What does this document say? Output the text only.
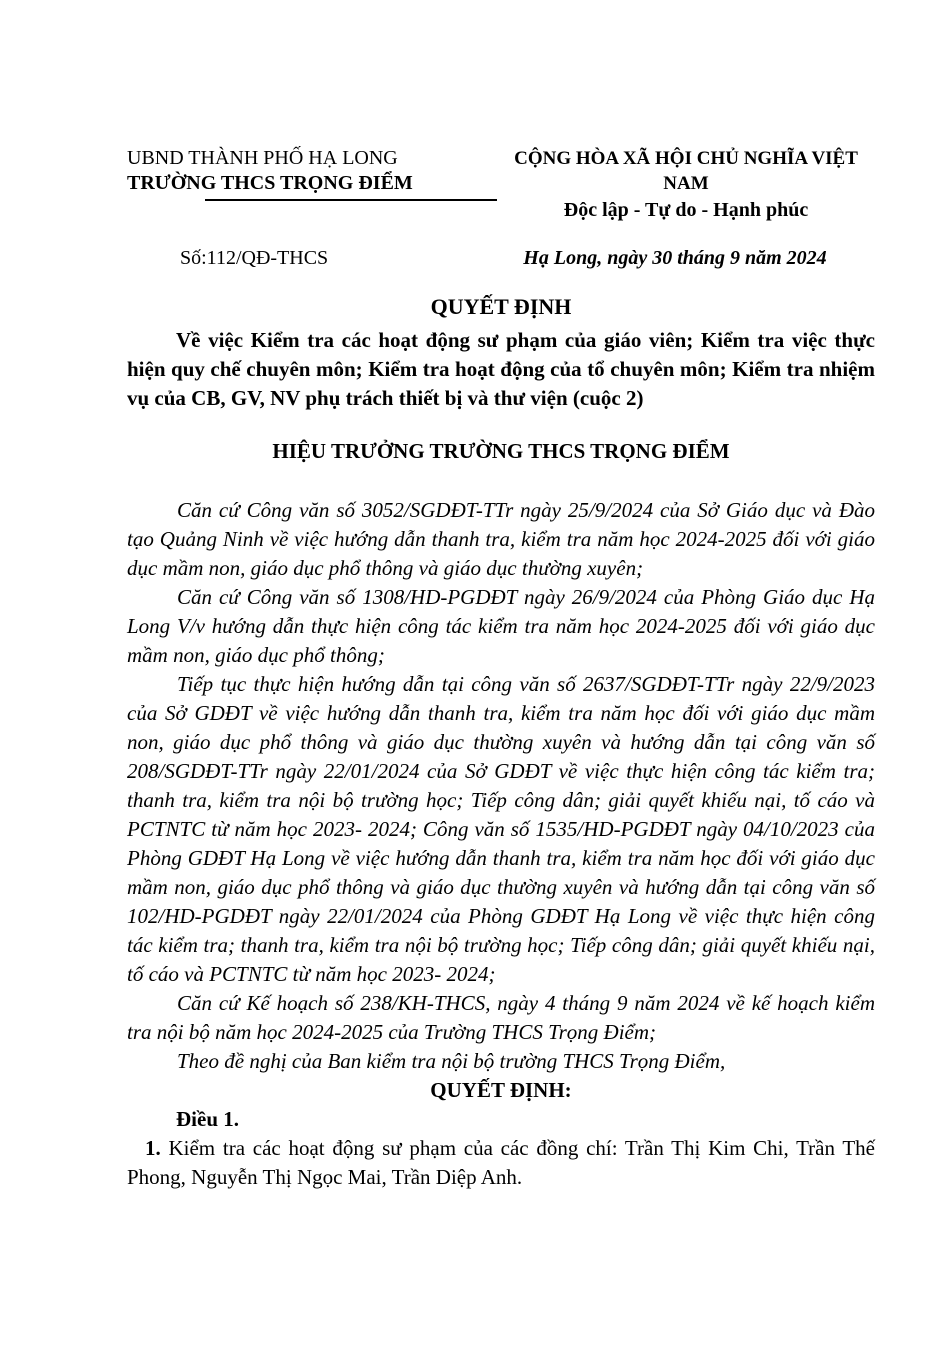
UBND THÀNH PHỐ HẠ LONG
TRƯỜNG THCS TRỌNG ĐIỂM
CỘNG HÒA XÃ HỘI CHỦ NGHĨA VIỆT NAM
Độc lập - Tự do - Hạnh phúc
Số:112/QĐ-THCS	Hạ Long, ngày 30 tháng 9 năm 2024
QUYẾT ĐỊNH

Về việc Kiểm tra các hoạt động sư phạm của giáo viên; Kiểm tra việc thực hiện quy chế chuyên môn; Kiểm tra hoạt động của tổ chuyên môn; Kiểm tra nhiệm vụ của CB, GV, NV phụ trách thiết bị và thư viện (cuộc 2)

HIỆU TRƯỞNG TRƯỜNG THCS TRỌNG ĐIỂM

Căn cứ Công văn số 3052/SGDĐT-TTr ngày 25/9/2024 của Sở Giáo dục và Đào tạo Quảng Ninh về việc hướng dẫn thanh tra, kiểm tra năm học 2024-2025 đối với giáo dục mầm non, giáo dục phổ thông và giáo dục thường xuyên;

Căn cứ Công văn số 1308/HD-PGDĐT ngày 26/9/2024 của Phòng Giáo dục Hạ Long V/v hướng dẫn thực hiện công tác kiểm tra năm học 2024-2025 đối với giáo dục mầm non, giáo dục phổ thông;

Tiếp tục thực hiện hướng dẫn tại công văn số 2637/SGDĐT-TTr ngày 22/9/2023 của Sở GDĐT về việc hướng dẫn thanh tra, kiểm tra năm học đối với giáo dục mầm non, giáo dục phổ thông và giáo dục thường xuyên và hướng dẫn tại công văn số 208/SGDĐT-TTr ngày 22/01/2024 của Sở GDĐT về việc thực hiện công tác kiểm tra; thanh tra, kiểm tra nội bộ trường học; Tiếp công dân; giải quyết khiếu nại, tố cáo và PCTNTC từ năm học 2023- 2024; Công văn số 1535/HD-PGDĐT ngày 04/10/2023 của Phòng GDĐT Hạ Long về việc hướng dẫn thanh tra, kiểm tra năm học đối với giáo dục mầm non, giáo dục phổ thông và giáo dục thường xuyên và hướng dẫn tại công văn số 102/HD-PGDĐT ngày 22/01/2024 của Phòng GDĐT Hạ Long về việc thực hiện công tác kiểm tra; thanh tra, kiểm tra nội bộ trường học; Tiếp công dân; giải quyết khiếu nại, tố cáo và PCTNTC từ năm học 2023- 2024;

Căn cứ Kế hoạch số 238/KH-THCS, ngày 4 tháng 9 năm 2024 về kế hoạch kiểm tra nội bộ năm học 2024-2025 của Trường THCS Trọng Điểm;

Theo đề nghị của Ban kiểm tra nội bộ trường THCS Trọng Điểm,

QUYẾT ĐỊNH:

Điều 1.

1. Kiểm tra các hoạt động sư phạm của các đồng chí: Trần Thị Kim Chi, Trần Thế Phong, Nguyễn Thị Ngọc Mai, Trần Diệp Anh.
